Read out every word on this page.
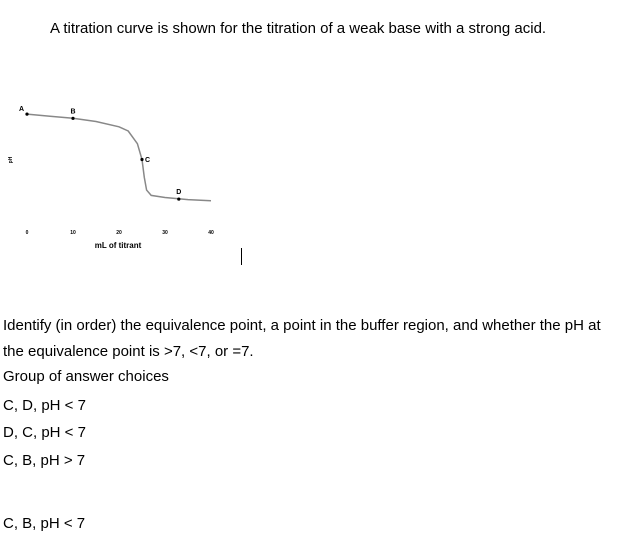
A titration curve is shown for the titration of a weak base with a strong acid.
pH
0	10	20	30	40
A	B
C
D
mL of titrant
Identify (in order) the equivalence point, a point in the buffer region, and whether the pH at the equivalence point is >7, <7, or =7.
Group of answer choices
C, D, pH < 7
D, C, pH < 7
C, B, pH > 7
C, B, pH < 7
